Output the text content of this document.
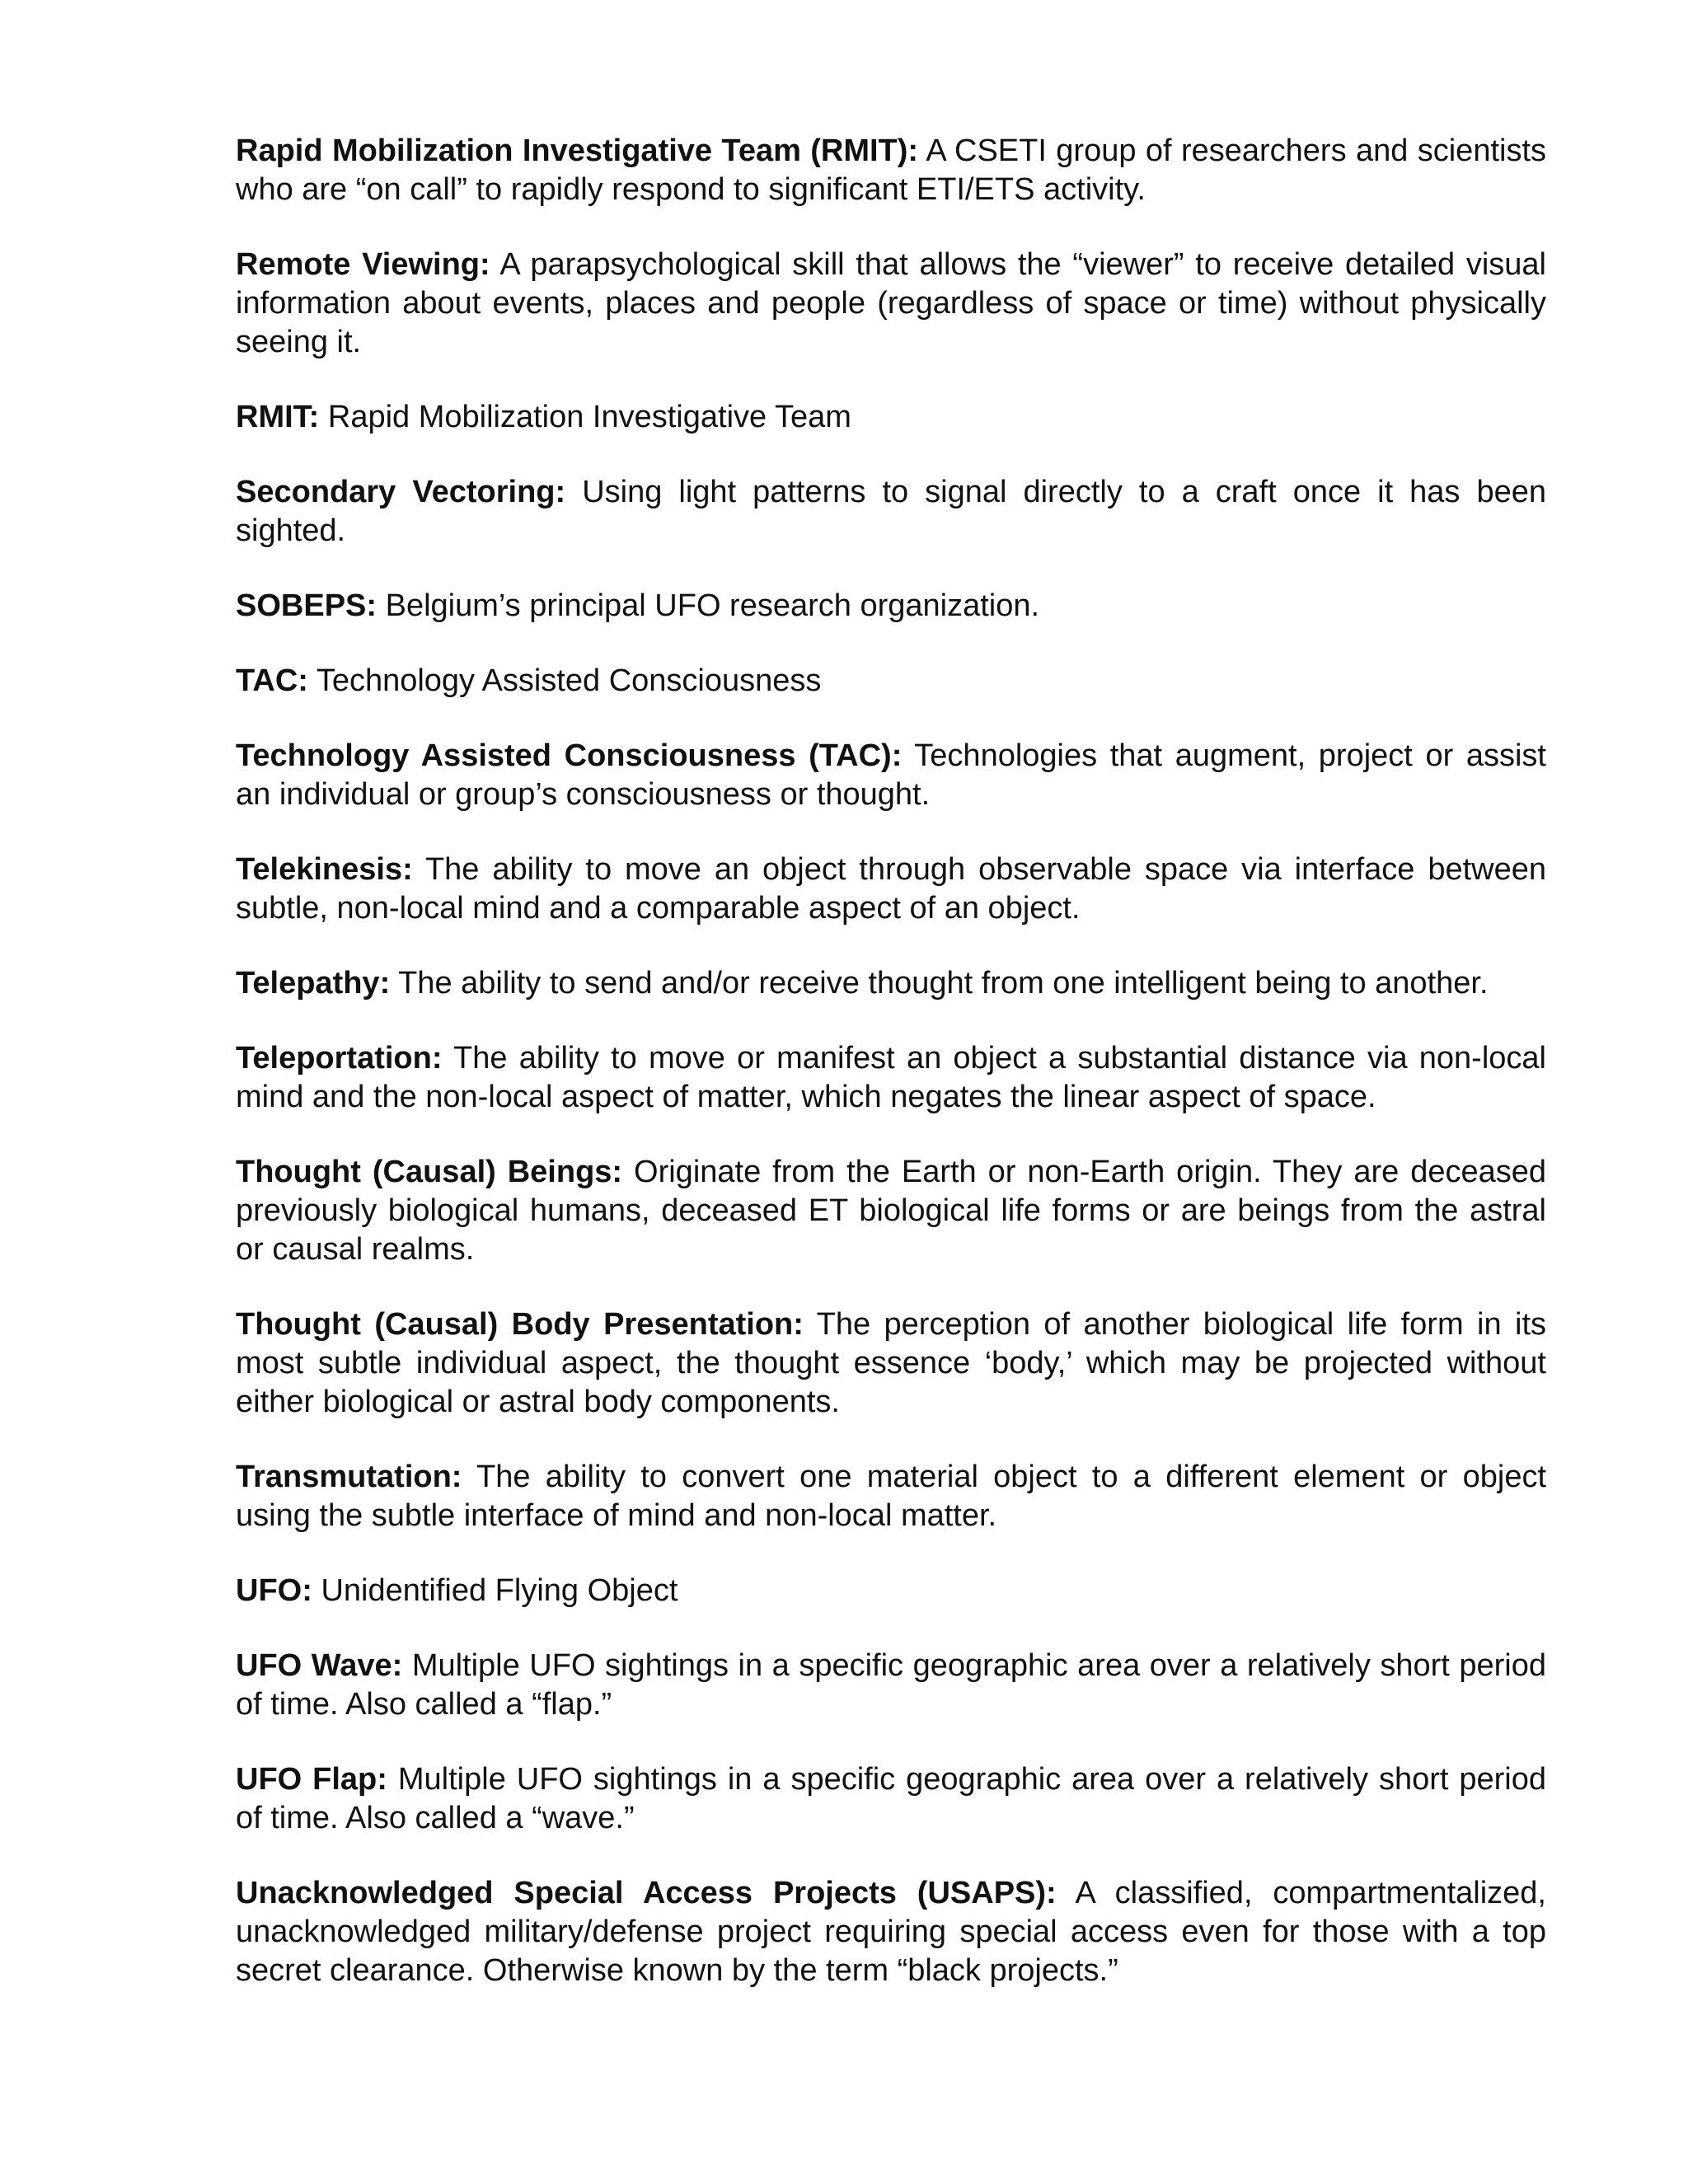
Rapid Mobilization Investigative Team (RMIT): A CSETI group of researchers and scientists who are “on call” to rapidly respond to significant ETI/ETS activity.

Remote Viewing: A parapsychological skill that allows the “viewer” to receive detailed visual information about events, places and people (regardless of space or time) without physically seeing it.

RMIT: Rapid Mobilization Investigative Team

Secondary Vectoring: Using light patterns to signal directly to a craft once it has been sighted.

SOBEPS: Belgium’s principal UFO research organization.

TAC: Technology Assisted Consciousness

Technology Assisted Consciousness (TAC): Technologies that augment, project or assist an individual or group’s consciousness or thought.

Telekinesis: The ability to move an object through observable space via interface between subtle, non-local mind and a comparable aspect of an object.

Telepathy: The ability to send and/or receive thought from one intelligent being to another.

Teleportation: The ability to move or manifest an object a substantial distance via non-local mind and the non-local aspect of matter, which negates the linear aspect of space.

Thought (Causal) Beings: Originate from the Earth or non-Earth origin. They are deceased previously biological humans, deceased ET biological life forms or are beings from the astral or causal realms.

Thought (Causal) Body Presentation: The perception of another biological life form in its most subtle individual aspect, the thought essence ‘body,’ which may be projected without either biological or astral body components.

Transmutation: The ability to convert one material object to a different element or object using the subtle interface of mind and non-local matter.

UFO: Unidentified Flying Object

UFO Wave: Multiple UFO sightings in a specific geographic area over a relatively short period of time. Also called a “flap.”

UFO Flap: Multiple UFO sightings in a specific geographic area over a relatively short period of time. Also called a “wave.”

Unacknowledged Special Access Projects (USAPS): A classified, compartmentalized, unacknowledged military/defense project requiring special access even for those with a top secret clearance. Otherwise known by the term “black projects.”
